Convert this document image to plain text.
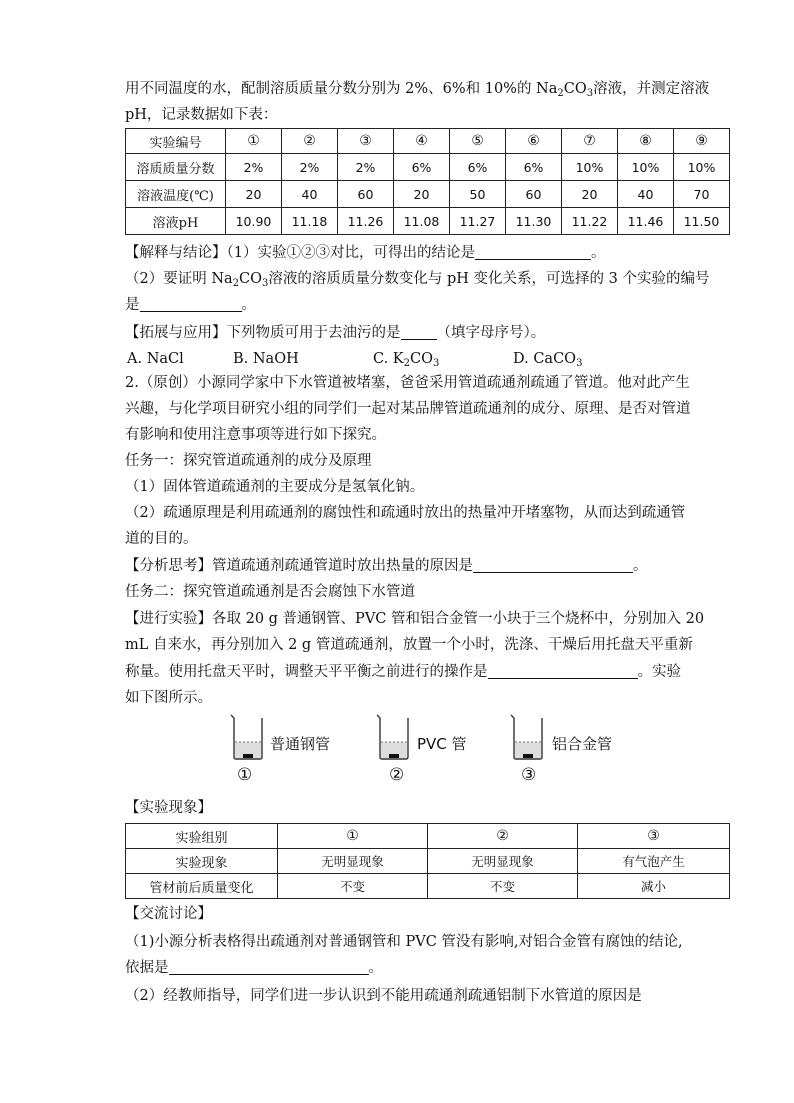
用不同温度的水，配制溶质质量分数分别为 2%、6%和 10%的 $Na_2CO_3$溶液，并测定溶液
pH，记录数据如下表：
实验编号	①	②	③	④	⑤	⑥	⑦	⑧	⑨
溶质质量分数	2%	2%	2%	6%	6%	6%	10%	10%	10%
溶液温度(℃)	20	40	60	20	50	60	20	40	70
溶液pH	10.90	11.18	11.26	11.08	11.27	11.30	11.22	11.46	11.50
【解释与结论】（1）实验①②③对比，可得出的结论是	。
（2）要证明 $Na_2CO_3$溶液的溶质质量分数变化与 pH 变化关系，可选择的 3 个实验的编号
是	。
【拓展与应用】下列物质可用于去油污的是 （填字母序号）。
A. NaCl	B. NaOH	C. $K_2CO_3$	D. CaCO$_3$
2.（原创）小源同学家中下水管道被堵塞，爸爸采用管道疏通剂疏通了管道。他对此产生
兴趣，与化学项目研究小组的同学们一起对某品牌管道疏通剂的成分、原理、是否对管道
有影响和使用注意事项等进行如下探究。
任务一：探究管道疏通剂的成分及原理
（1）固体管道疏通剂的主要成分是氢氧化钠。
（2）疏通原理是利用疏通剂的腐蚀性和疏通时放出的热量冲开堵塞物，从而达到疏通管
道的目的。
【分析思考】管道疏通剂疏通管道时放出热量的原因是	。
任务二：探究管道疏通剂是否会腐蚀下水管道
【进行实验】各取 20 g 普通钢管、PVC 管和铝合金管一小块于三个烧杯中，分别加入 20
mL 自来水，再分别加入 2 g 管道疏通剂，放置一个小时，洗涤、干燥后用托盘天平重新
称量。使用托盘天平时，调整天平平衡之前进行的操作是	。实验
如下图所示。
普通钢管
①
PVC 管
②
铝合金管
③
【实验现象】
实验组别	①	②	③
实验现象	无明显现象	无明显现象	有气泡产生
管材前后质量变化	不变	不变	减小
【交流讨论】
（1)小源分析表格得出疏通剂对普通钢管和 PVC 管没有影响,对铝合金管有腐蚀的结论,
依据是	。
（2）经教师指导，同学们进一步认识到不能用疏通剂疏通铝制下水管道的原因是
